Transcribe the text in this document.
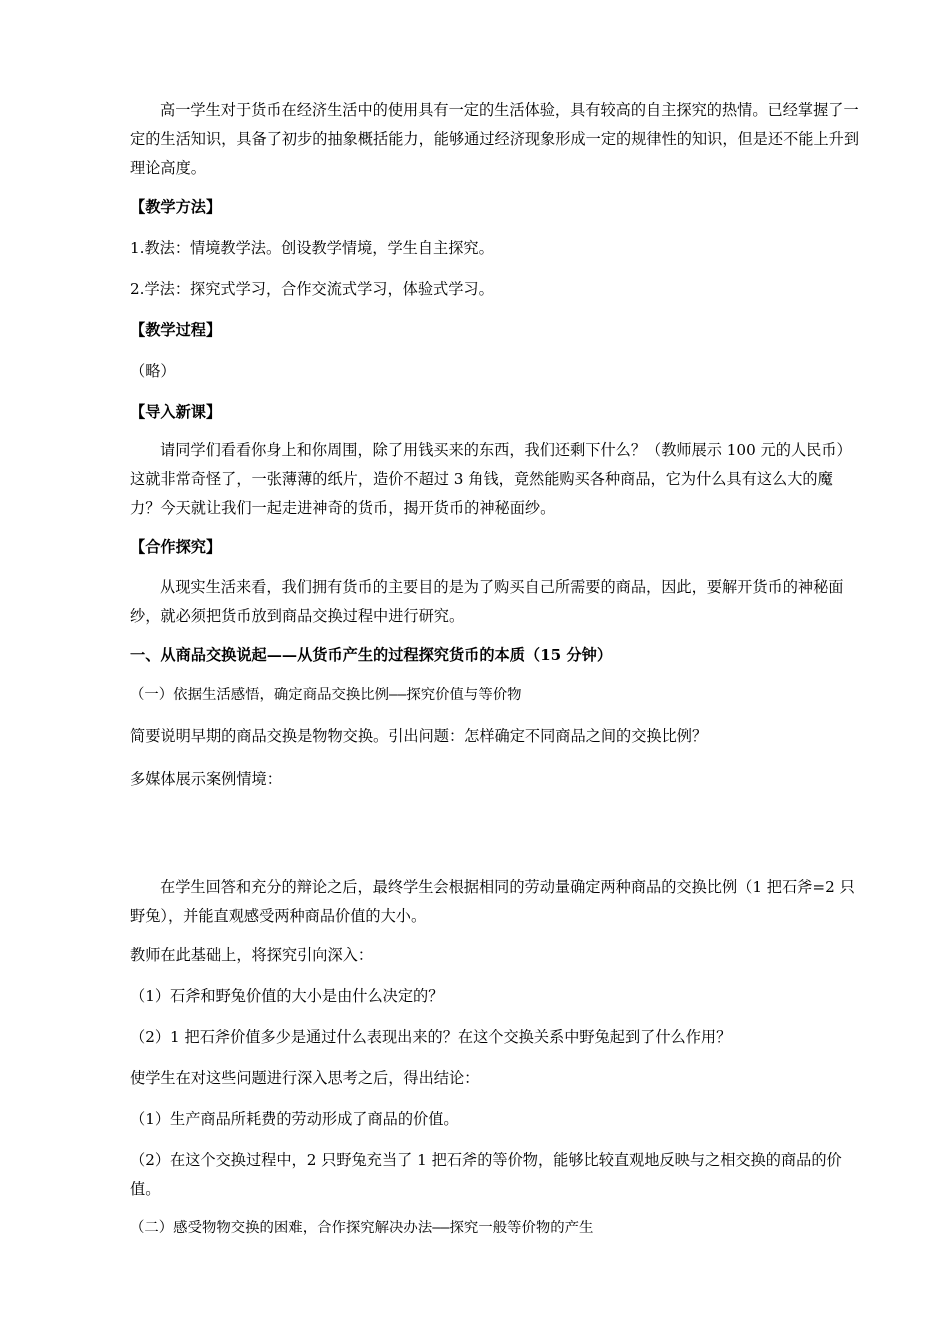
高一学生对于货币在经济生活中的使用具有一定的生活体验，具有较高的自主探究的热情。已经掌握了一定的生活知识，具备了初步的抽象概括能力，能够通过经济现象形成一定的规律性的知识，但是还不能上升到理论高度。

【教学方法】

1.教法：情境教学法。创设教学情境，学生自主探究。

2.学法：探究式学习，合作交流式学习，体验式学习。

【教学过程】

（略）

【导入新课】

请同学们看看你身上和你周围，除了用钱买来的东西，我们还剩下什么？（教师展示 100 元的人民币）这就非常奇怪了，一张薄薄的纸片，造价不超过 3 角钱，竟然能购买各种商品，它为什么具有这么大的魔力？今天就让我们一起走进神奇的货币，揭开货币的神秘面纱。

【合作探究】

从现实生活来看，我们拥有货币的主要目的是为了购买自己所需要的商品，因此，要解开货币的神秘面纱，就必须把货币放到商品交换过程中进行研究。

一、从商品交换说起——从货币产生的过程探究货币的本质（15 分钟）

（一）依据生活感悟，确定商品交换比例——探究价值与等价物

简要说明早期的商品交换是物物交换。引出问题：怎样确定不同商品之间的交换比例？

多媒体展示案例情境：

在学生回答和充分的辩论之后，最终学生会根据相同的劳动量确定两种商品的交换比例（1 把石斧=2 只野兔），并能直观感受两种商品价值的大小。

教师在此基础上，将探究引向深入：

（1）石斧和野兔价值的大小是由什么决定的？

（2）1 把石斧价值多少是通过什么表现出来的？在这个交换关系中野兔起到了什么作用？

使学生在对这些问题进行深入思考之后，得出结论：

（1）生产商品所耗费的劳动形成了商品的价值。

（2）在这个交换过程中，2 只野兔充当了 1 把石斧的等价物，能够比较直观地反映与之相交换的商品的价值。

（二）感受物物交换的困难，合作探究解决办法——探究一般等价物的产生
